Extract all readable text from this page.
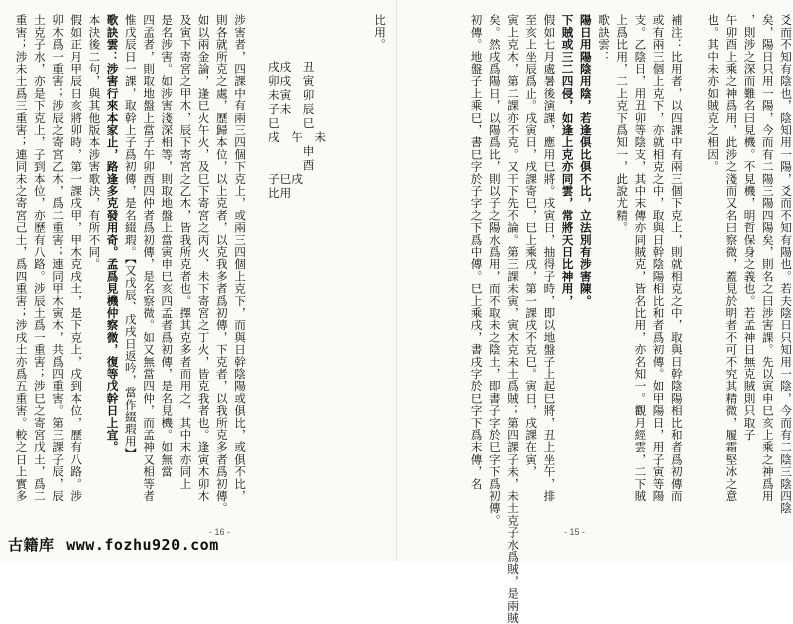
爻而不知有陰也，陰知用一陽，爻而不知有陽也。若夫陰日只知用一陰，今而有二陰三陰四陰
矣，陽日只用一陽，今而有二陽三陽四陽矣，則名之曰涉害課。先以寅申巳亥上乘之神爲用
，則涉之深而難名曰見機。不見機，明哲保身之義也。若孟神日無克賊則只取子
午卯酉上乘之神爲用，此涉之淺而又名曰察微，蓋見於明者不可不究其精微，履霜堅冰之意
也。其中未亦如賊克之相因。
補注：比用者，以四課中有兩三個下克上，則就相克之中，取與日幹陰陽相比和者爲初傳而
或有兩三個上克下，亦就相克之中，取與日幹陰陽相比和者爲初傳。如甲陽日，用子寅等陽
支。乙陰日，用丑卯等陰支，其中末傳亦同賊克，皆名比用，亦名知一。觀月經雲，二下賊
上爲比用，二上克下爲知一，此說尤精。
歌訣雲：
陽日用陽陰用陰，若逢俱比俱不比，立法別有涉害陳。
下賊或三二四侵，如逢上克亦同雲，常將天日比神用，
假如七月處暑後演課，應用巳將。戌寅日，抽得子時，即以地盤子上起巳將，丑上坐午，排
至亥上坐辰爲止。戌寅日，戌課寄巳，巳上乘戌，第一課戌不克巳。寅日，戌課在寅，
寅上克木，第二課亦不克。又干下先不論。第三課未寅，寅木克未土爲賊；第四課子未，未土克子水爲賊，是兩賊
矣。然戌爲陽日，以陽爲比，則以子之陽水爲用，而不取未之陰土，即書子字於巳字下爲初傳。
初傳。地盤子上乘巳，書巳字於子字之下爲中傳。巳上乘戌，書戌字於巳字下爲末傳，名
比用。
涉害者，四課中有兩三四個下克上，或兩三四個上克下，而與日幹陰陽或俱比，或俱不比，
則各就所克之處，歷歸本位，以上克者，以克我多者爲初傳，下克者，以我所克多者爲初傳。
如以兩金論，逢巳火午火，及巳下寄宮之丙火、未下寄宮之丁火，皆克我者也。逢寅木卯木
及寅下寄宮之甲木，辰下寄宮之乙木，皆我所克者也。擇其克多者而用之，其中末亦同上
是名涉害。如涉害淺深相等，則取地盤上當寅申巳亥四孟者爲初傳，是名見機。如無當
四孟者，則取地盤上當子午卯酉四仲者爲初傳，是名察微。如又無當四仲，而孟神又相等者
惟戊辰日一課，取幹上子爲初傳，是名綴瑕。【又戊辰、戊戌日返吟，當作綴瑕用】
歌訣雲：涉害行來本家止，路逢多克發用奇。孟爲見機仲察微，復等戊幹日上宜。
本決後二句，與其他版本涉害歌決，有所不同。
假如正月甲辰日亥將卯時，第一課戌甲，甲木克戌土，是下克上，戌到本位，歷有八路。涉
卯木爲一重害；涉辰之寄宮乙木，爲二重害；連同甲木寅木，共爲四重害。第三課子辰，辰
土克子水，亦是下克上，子到本位，亦歷有八路。涉辰土爲一重害；涉巳之寄宮戊土，爲二
重害；涉未土爲三重害；連同未之寄宮己土，爲四重害；涉戌土亦爲五重害。較之日上實多	戌戌　丑
卯戌　寅
未寅　卯
子未　辰
巳　　巳
戌　午　未
　　　申
　　　酉
子巳戌
比用
- 16 -	- 15 -
古籍库 www.fozhu920.com
